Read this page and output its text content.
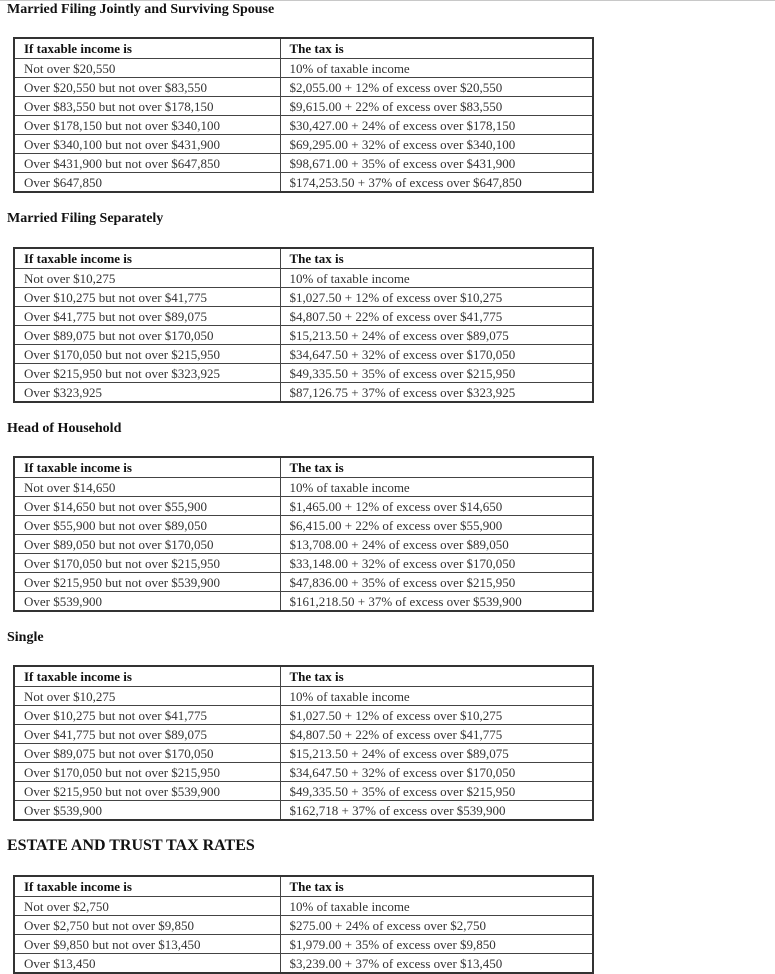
Married Filing Jointly and Surviving Spouse
If taxable income is	The tax is
Not over $20,550	10% of taxable income
Over $20,550 but not over $83,550	$2,055.00 + 12% of excess over $20,550
Over $83,550 but not over $178,150	$9,615.00 + 22% of excess over $83,550
Over $178,150 but not over $340,100	$30,427.00 + 24% of excess over $178,150
Over $340,100 but not over $431,900	$69,295.00 + 32% of excess over $340,100
Over $431,900 but not over $647,850	$98,671.00 + 35% of excess over $431,900
Over $647,850	$174,253.50 + 37% of excess over $647,850
Married Filing Separately
If taxable income is	The tax is
Not over $10,275	10% of taxable income
Over $10,275 but not over $41,775	$1,027.50 + 12% of excess over $10,275
Over $41,775 but not over $89,075	$4,807.50 + 22% of excess over $41,775
Over $89,075 but not over $170,050	$15,213.50 + 24% of excess over $89,075
Over $170,050 but not over $215,950	$34,647.50 + 32% of excess over $170,050
Over $215,950 but not over $323,925	$49,335.50 + 35% of excess over $215,950
Over $323,925	$87,126.75 + 37% of excess over $323,925
Head of Household
If taxable income is	The tax is
Not over $14,650	10% of taxable income
Over $14,650 but not over $55,900	$1,465.00 + 12% of excess over $14,650
Over $55,900 but not over $89,050	$6,415.00 + 22% of excess over $55,900
Over $89,050 but not over $170,050	$13,708.00 + 24% of excess over $89,050
Over $170,050 but not over $215,950	$33,148.00 + 32% of excess over $170,050
Over $215,950 but not over $539,900	$47,836.00 + 35% of excess over $215,950
Over $539,900	$161,218.50 + 37% of excess over $539,900
Single
If taxable income is	The tax is
Not over $10,275	10% of taxable income
Over $10,275 but not over $41,775	$1,027.50 + 12% of excess over $10,275
Over $41,775 but not over $89,075	$4,807.50 + 22% of excess over $41,775
Over $89,075 but not over $170,050	$15,213.50 + 24% of excess over $89,075
Over $170,050 but not over $215,950	$34,647.50 + 32% of excess over $170,050
Over $215,950 but not over $539,900	$49,335.50 + 35% of excess over $215,950
Over $539,900	$162,718 + 37% of excess over $539,900
ESTATE AND TRUST TAX RATES
If taxable income is	The tax is
Not over $2,750	10% of taxable income
Over $2,750 but not over $9,850	$275.00 + 24% of excess over $2,750
Over $9,850 but not over $13,450	$1,979.00 + 35% of excess over $9,850
Over $13,450	$3,239.00 + 37% of excess over $13,450
